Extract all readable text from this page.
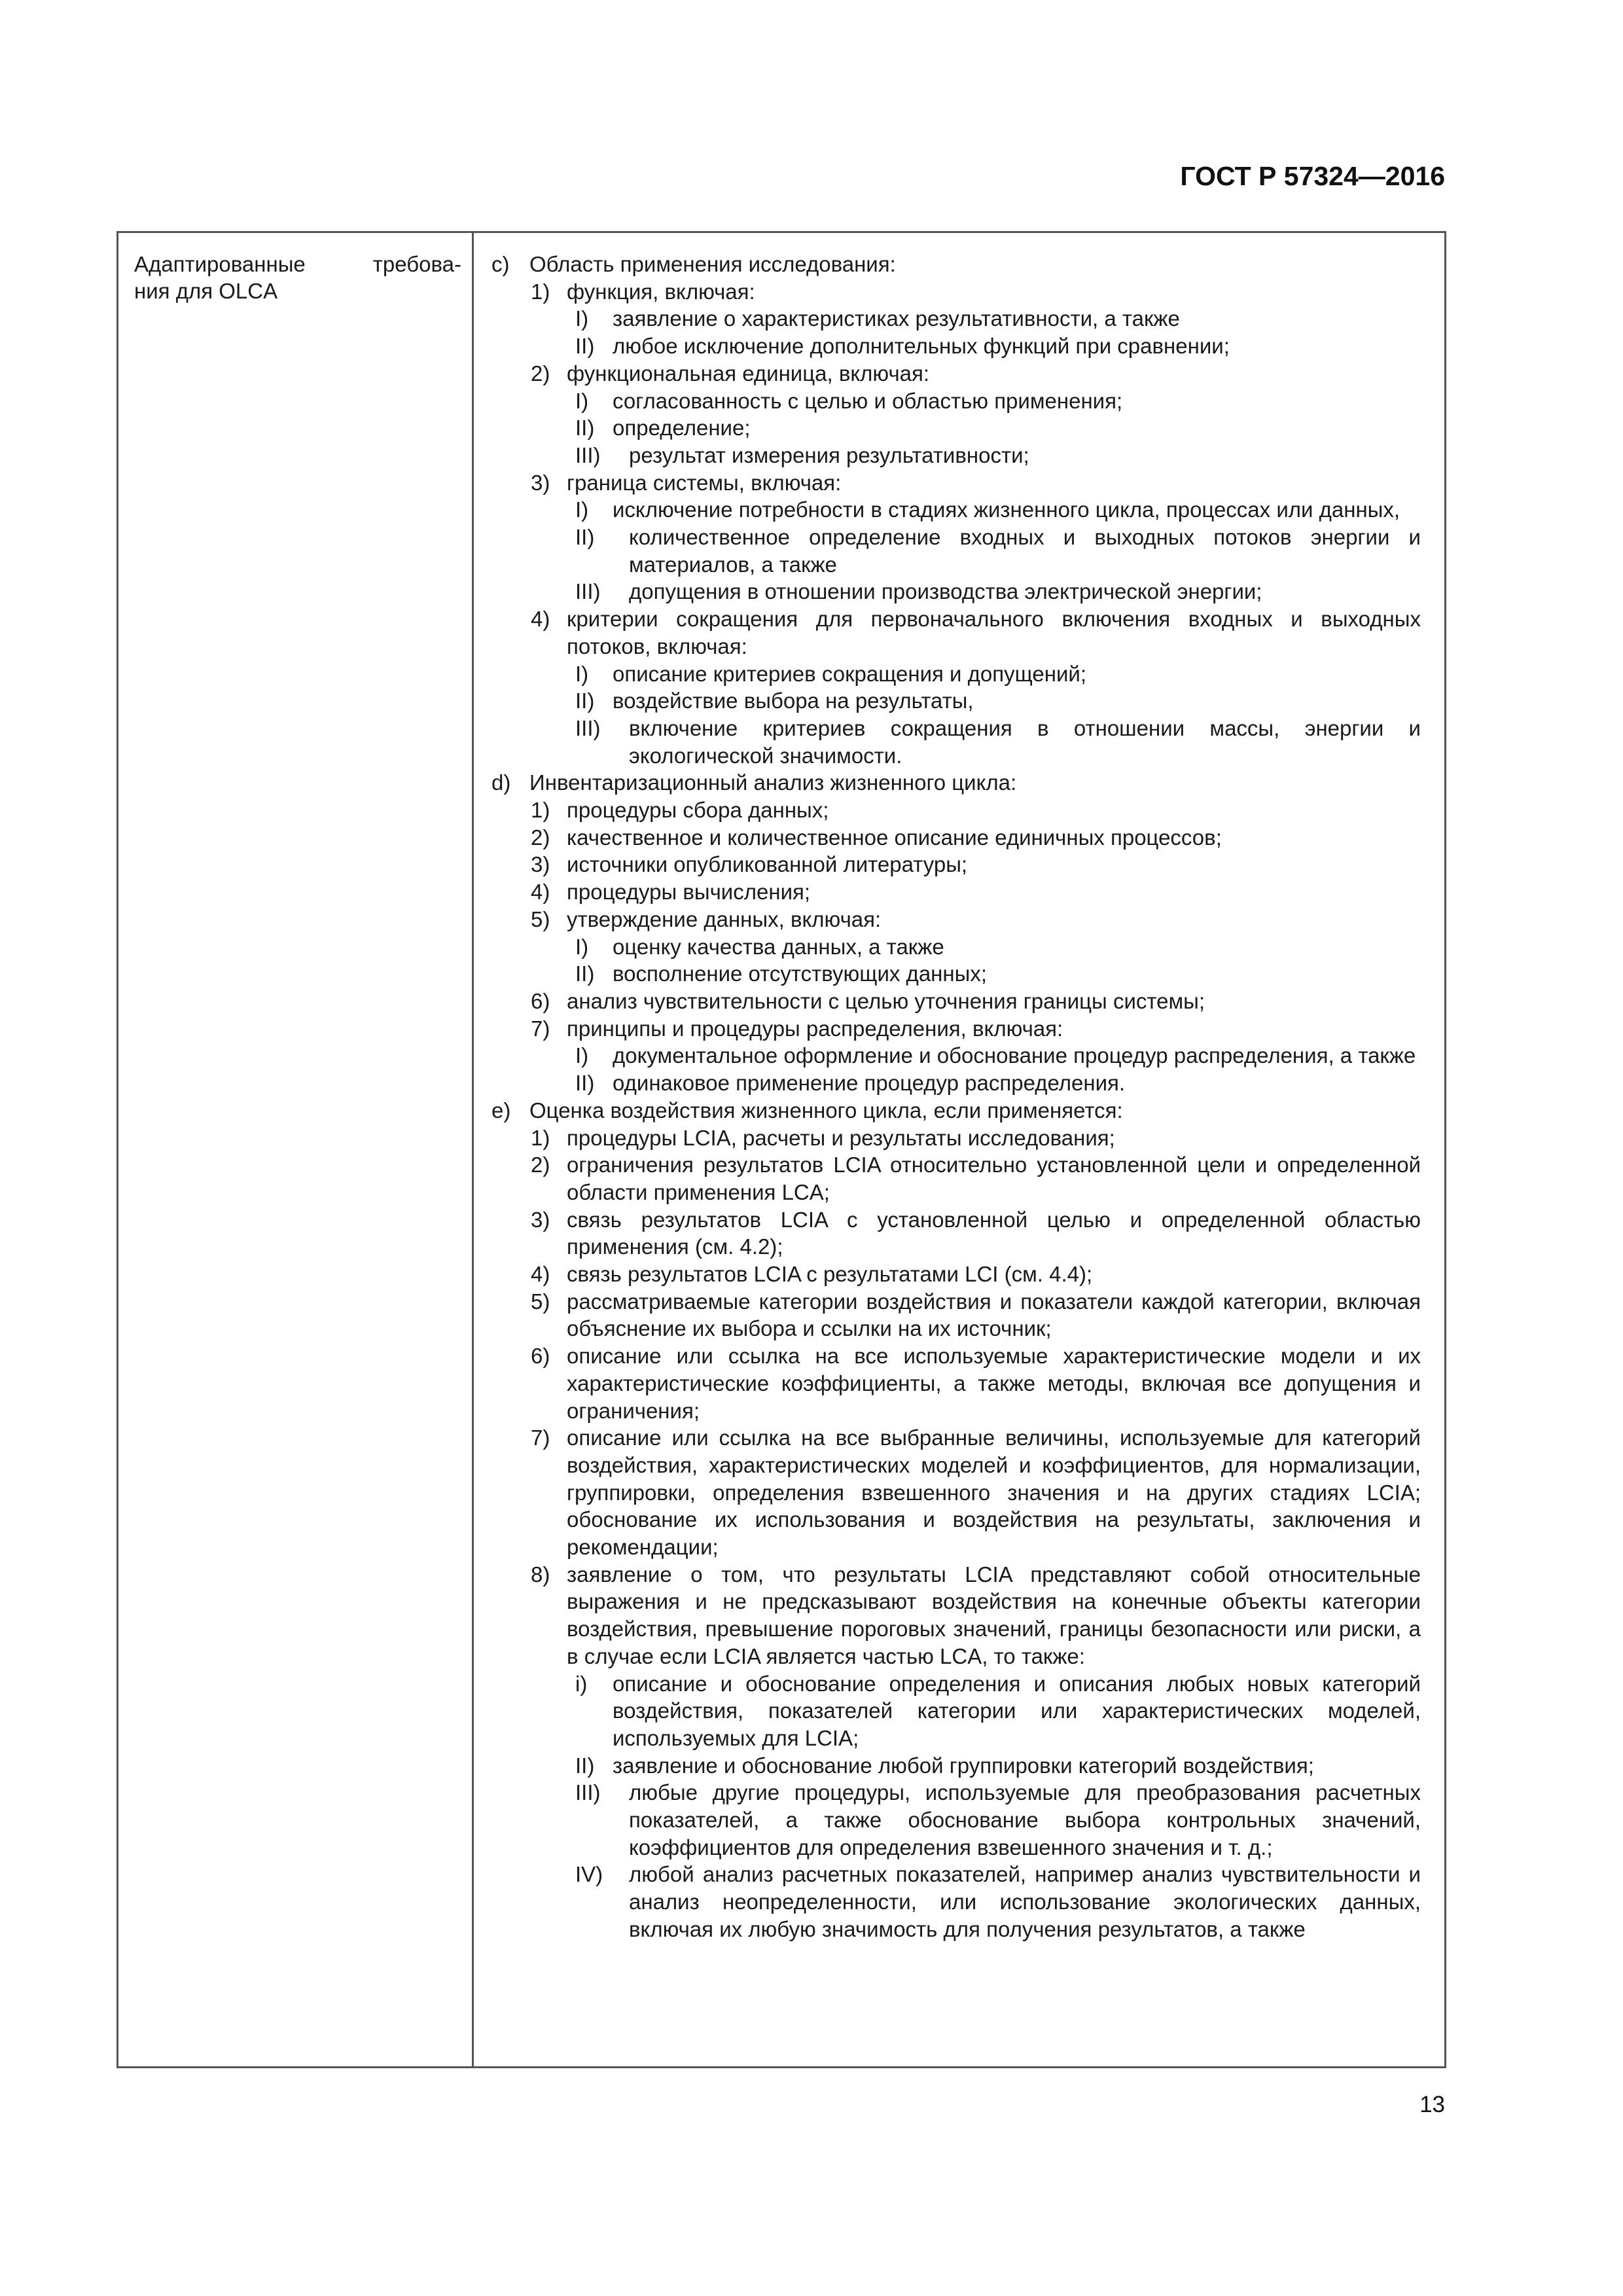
ГОСТ Р 57324—2016
Адаптированные требова-
ния для OLCA
c) Область применения исследования:
1) функция, включая:
I) заявление о характеристиках результативности, а также
II) любое исключение дополнительных функций при сравнении;
2) функциональная единица, включая:
I) согласованность с целью и областью применения;
II) определение;
III) результат измерения результативности;
3) граница системы, включая:
I) исключение потребности в стадиях жизненного цикла, процессах или данных,
II) количественное определение входных и выходных потоков энергии и материалов, а также
III) допущения в отношении производства электрической энергии;
4) критерии сокращения для первоначального включения входных и выходных потоков, включая:
I) описание критериев сокращения и допущений;
II) воздействие выбора на результаты,
III) включение критериев сокращения в отношении массы, энергии и экологической значимости.
d) Инвентаризационный анализ жизненного цикла:
1) процедуры сбора данных;
2) качественное и количественное описание единичных процессов;
3) источники опубликованной литературы;
4) процедуры вычисления;
5) утверждение данных, включая:
I) оценку качества данных, а также
II) восполнение отсутствующих данных;
6) анализ чувствительности с целью уточнения границы системы;
7) принципы и процедуры распределения, включая:
I) документальное оформление и обоснование процедур распределения, а также
II) одинаковое применение процедур распределения.
e) Оценка воздействия жизненного цикла, если применяется:
1) процедуры LCIA, расчеты и результаты исследования;
2) ограничения результатов LCIA относительно установленной цели и определенной области применения LCA;
3) связь результатов LCIA с установленной целью и определенной областью применения (см. 4.2);
4) связь результатов LCIA с результатами LCI (см. 4.4);
5) рассматриваемые категории воздействия и показатели каждой категории, включая объяснение их выбора и ссылки на их источник;
6) описание или ссылка на все используемые характеристические модели и их характеристические коэффициенты, а также методы, включая все допущения и ограничения;
7) описание или ссылка на все выбранные величины, используемые для категорий воздействия, характеристических моделей и коэффициентов, для нормализации, группировки, определения взвешенного значения и на других стадиях LCIA; обоснование их использования и воздействия на результаты, заключения и рекомендации;
8) заявление о том, что результаты LCIA представляют собой относительные выражения и не предсказывают воздействия на конечные объекты категории воздействия, превышение пороговых значений, границы безопасности или риски, а в случае если LCIA является частью LCA, то также:
i) описание и обоснование определения и описания любых новых категорий воздействия, показателей категории или характеристических моделей, используемых для LCIA;
II) заявление и обоснование любой группировки категорий воздействия;
III) любые другие процедуры, используемые для преобразования расчетных показателей, а также обоснование выбора контрольных значений, коэффициентов для определения взвешенного значения и т. д.;
IV) любой анализ расчетных показателей, например анализ чувствительности и анализ неопределенности, или использование экологических данных, включая их любую значимость для получения результатов, а также
13
